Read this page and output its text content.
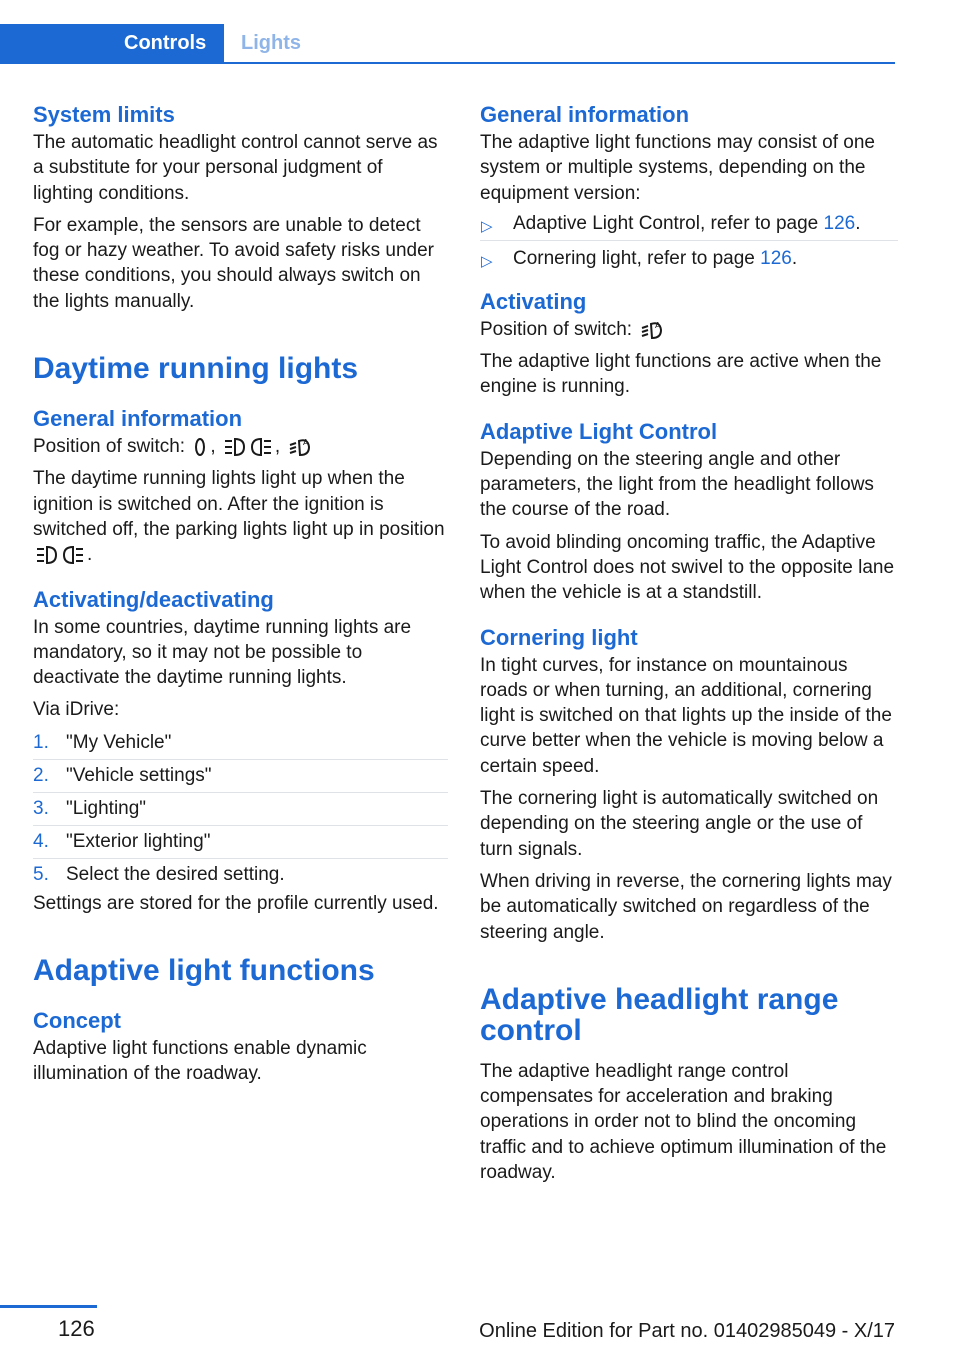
Controls Lights
System limits

The automatic headlight control cannot serve as a substitute for your personal judgment of lighting conditions.

For example, the sensors are unable to detect fog or hazy weather. To avoid safety risks under these conditions, you should always switch on the lights manually.

Daytime running lights
General information

Position of switch: ,	,	A

The daytime running lights light up when the ignition is switched on. After the ignition is switched off, the parking lights light up in position
.

Activating/deactivating

In some countries, daytime running lights are mandatory, so it may not be possible to deactivate the daytime running lights.

Via iDrive:

1. "My Vehicle"
2. "Vehicle settings"
3. "Lighting"
4. "Exterior lighting"
5. Select the desired setting.

Settings are stored for the profile currently used.

Adaptive light functions
Concept

Adaptive light functions enable dynamic illumination of the roadway.

General information

The adaptive light functions may consist of one system or multiple systems, depending on the equipment version:

▷ Adaptive Light Control, refer to page 126.
▷ Cornering light, refer to page 126.
Activating

Position of switch:	A

The adaptive light functions are active when the engine is running.

Adaptive Light Control

Depending on the steering angle and other parameters, the light from the headlight follows the course of the road.

To avoid blinding oncoming traffic, the Adaptive Light Control does not swivel to the opposite lane when the vehicle is at a standstill.

Cornering light

In tight curves, for instance on mountainous roads or when turning, an additional, cornering light is switched on that lights up the inside of the curve better when the vehicle is moving below a certain speed.

The cornering light is automatically switched on depending on the steering angle or the use of turn signals.

When driving in reverse, the cornering lights may be automatically switched on regardless of the steering angle.

Adaptive headlight range control

The adaptive headlight range control compensates for acceleration and braking operations in order not to blind the oncoming traffic and to achieve optimum illumination of the roadway.

126	Online Edition for Part no. 01402985049 - X/17
